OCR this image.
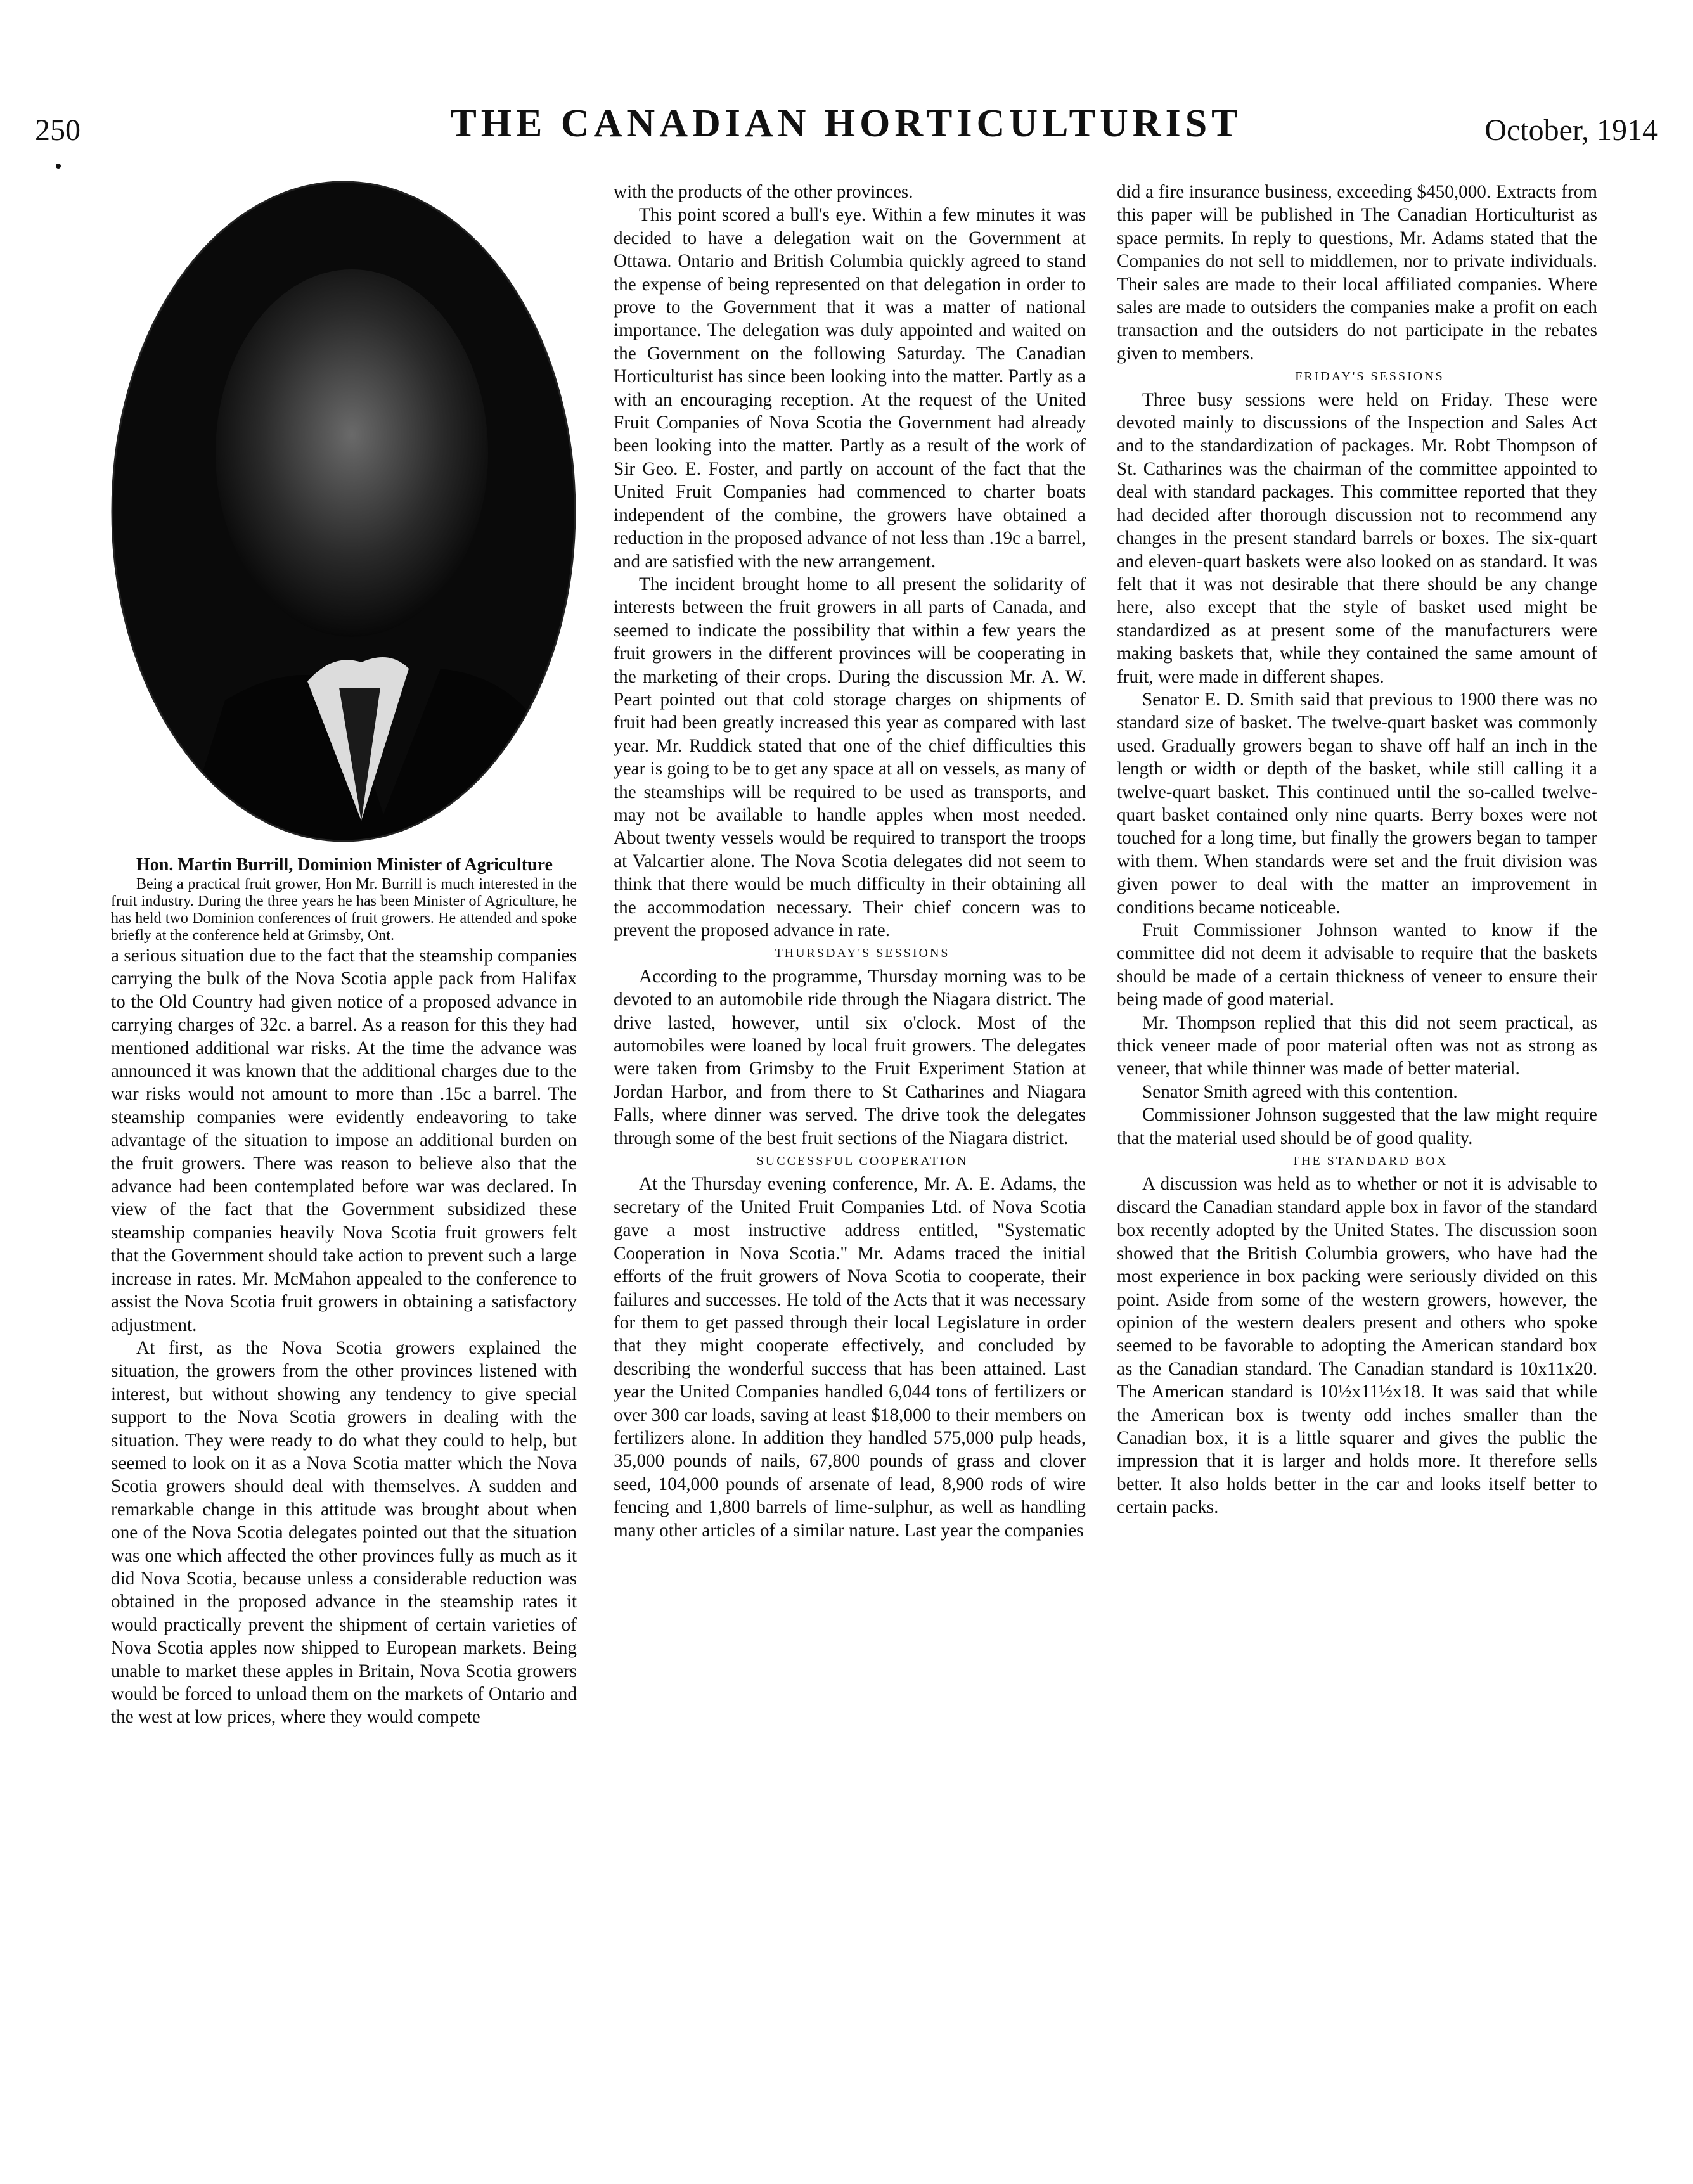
250	THE CANADIAN HORTICULTURIST	October, 1914

Hon. Martin Burrill, Dominion Minister of Agriculture

Being a practical fruit grower, Hon Mr. Burrill is much interested in the fruit industry. During the three years he has been Minister of Agriculture, he has held two Dominion conferences of fruit growers. He attended and spoke briefly at the conference held at Grimsby, Ont.

a serious situation due to the fact that the steamship companies carrying the bulk of the Nova Scotia apple pack from Halifax to the Old Country had given notice of a proposed advance in carrying charges of 32c. a barrel. As a reason for this they had mentioned additional war risks. At the time the advance was announced it was known that the additional charges due to the war risks would not amount to more than .15c a barrel. The steamship companies were evidently endeavoring to take advantage of the situation to impose an additional burden on the fruit growers. There was reason to believe also that the advance had been contemplated before war was declared. In view of the fact that the Government subsidized these steamship companies heavily Nova Scotia fruit growers felt that the Government should take action to prevent such a large increase in rates. Mr. McMahon appealed to the conference to assist the Nova Scotia fruit growers in obtaining a satisfactory adjustment.

At first, as the Nova Scotia growers explained the situation, the growers from the other provinces listened with interest, but without showing any tendency to give special support to the Nova Scotia growers in dealing with the situation. They were ready to do what they could to help, but seemed to look on it as a Nova Scotia matter which the Nova Scotia growers should deal with themselves. A sudden and remarkable change in this attitude was brought about when one of the Nova Scotia delegates pointed out that the situation was one which affected the other provinces fully as much as it did Nova Scotia, because unless a considerable reduction was obtained in the proposed advance in the steamship rates it would practically prevent the shipment of certain varieties of Nova Scotia apples now shipped to European markets. Being unable to market these apples in Britain, Nova Scotia growers would be forced to unload them on the markets of Ontario and the west at low prices, where they would compete

with the products of the other provinces.

This point scored a bull's eye. Within a few minutes it was decided to have a delegation wait on the Government at Ottawa. Ontario and British Columbia quickly agreed to stand the expense of being represented on that delegation in order to prove to the Government that it was a matter of national importance. The delegation was duly appointed and waited on the Government on the following Saturday. The Canadian Horticulturist has since been looking into the matter. Partly as a with an encouraging reception. At the request of the United Fruit Companies of Nova Scotia the Government had already been looking into the matter. Partly as a result of the work of Sir Geo. E. Foster, and partly on account of the fact that the United Fruit Companies had commenced to charter boats independent of the combine, the growers have obtained a reduction in the proposed advance of not less than .19c a barrel, and are satisfied with the new arrangement.

The incident brought home to all present the solidarity of interests between the fruit growers in all parts of Canada, and seemed to indicate the possibility that within a few years the fruit growers in the different provinces will be cooperating in the marketing of their crops. During the discussion Mr. A. W. Peart pointed out that cold storage charges on shipments of fruit had been greatly increased this year as compared with last year. Mr. Ruddick stated that one of the chief difficulties this year is going to be to get any space at all on vessels, as many of the steamships will be required to be used as transports, and may not be available to handle apples when most needed. About twenty vessels would be required to transport the troops at Valcartier alone. The Nova Scotia delegates did not seem to think that there would be much difficulty in their obtaining all the accommodation necessary. Their chief concern was to prevent the proposed advance in rate.

THURSDAY'S SESSIONS

According to the programme, Thursday morning was to be devoted to an automobile ride through the Niagara district. The drive lasted, however, until six o'clock. Most of the automobiles were loaned by local fruit growers. The delegates were taken from Grimsby to the Fruit Experiment Station at Jordan Harbor, and from there to St Catharines and Niagara Falls, where dinner was served. The drive took the delegates through some of the best fruit sections of the Niagara district.

SUCCESSFUL COOPERATION

At the Thursday evening conference, Mr. A. E. Adams, the secretary of the United Fruit Companies Ltd. of Nova Scotia gave a most instructive address entitled, "Systematic Cooperation in Nova Scotia." Mr. Adams traced the initial efforts of the fruit growers of Nova Scotia to cooperate, their failures and successes. He told of the Acts that it was necessary for them to get passed through their local Legislature in order that they might cooperate effectively, and concluded by describing the wonderful success that has been attained. Last year the United Companies handled 6,044 tons of fertilizers or over 300 car loads, saving at least $18,000 to their members on fertilizers alone. In addition they handled 575,000 pulp heads, 35,000 pounds of nails, 67,800 pounds of grass and clover seed, 104,000 pounds of arsenate of lead, 8,900 rods of wire fencing and 1,800 barrels of lime-sulphur, as well as handling many other articles of a similar nature. Last year the companies

did a fire insurance business, exceeding $450,000. Extracts from this paper will be published in The Canadian Horticulturist as space permits. In reply to questions, Mr. Adams stated that the Companies do not sell to middlemen, nor to private individuals. Their sales are made to their local affiliated companies. Where sales are made to outsiders the companies make a profit on each transaction and the outsiders do not participate in the rebates given to members.

FRIDAY'S SESSIONS

Three busy sessions were held on Friday. These were devoted mainly to discussions of the Inspection and Sales Act and to the standardization of packages. Mr. Robt Thompson of St. Catharines was the chairman of the committee appointed to deal with standard packages. This committee reported that they had decided after thorough discussion not to recommend any changes in the present standard barrels or boxes. The six-quart and eleven-quart baskets were also looked on as standard. It was felt that it was not desirable that there should be any change here, also except that the style of basket used might be standardized as at present some of the manufacturers were making baskets that, while they contained the same amount of fruit, were made in different shapes.

Senator E. D. Smith said that previous to 1900 there was no standard size of basket. The twelve-quart basket was commonly used. Gradually growers began to shave off half an inch in the length or width or depth of the basket, while still calling it a twelve-quart basket. This continued until the so-called twelve-quart basket contained only nine quarts. Berry boxes were not touched for a long time, but finally the growers began to tamper with them. When standards were set and the fruit division was given power to deal with the matter an improvement in conditions became noticeable.

Fruit Commissioner Johnson wanted to know if the committee did not deem it advisable to require that the baskets should be made of a certain thickness of veneer to ensure their being made of good material.

Mr. Thompson replied that this did not seem practical, as thick veneer made of poor material often was not as strong as veneer, that while thinner was made of better material.

Senator Smith agreed with this contention.

Commissioner Johnson suggested that the law might require that the material used should be of good quality.

THE STANDARD BOX

A discussion was held as to whether or not it is advisable to discard the Canadian standard apple box in favor of the standard box recently adopted by the United States. The discussion soon showed that the British Columbia growers, who have had the most experience in box packing were seriously divided on this point. Aside from some of the western growers, however, the opinion of the western dealers present and others who spoke seemed to be favorable to adopting the American standard box as the Canadian standard. The Canadian standard is 10x11x20. The American standard is 10½x11½x18. It was said that while the American box is twenty odd inches smaller than the Canadian box, it is a little squarer and gives the public the impression that it is larger and holds more. It therefore sells better. It also holds better in the car and looks itself better to certain packs.
